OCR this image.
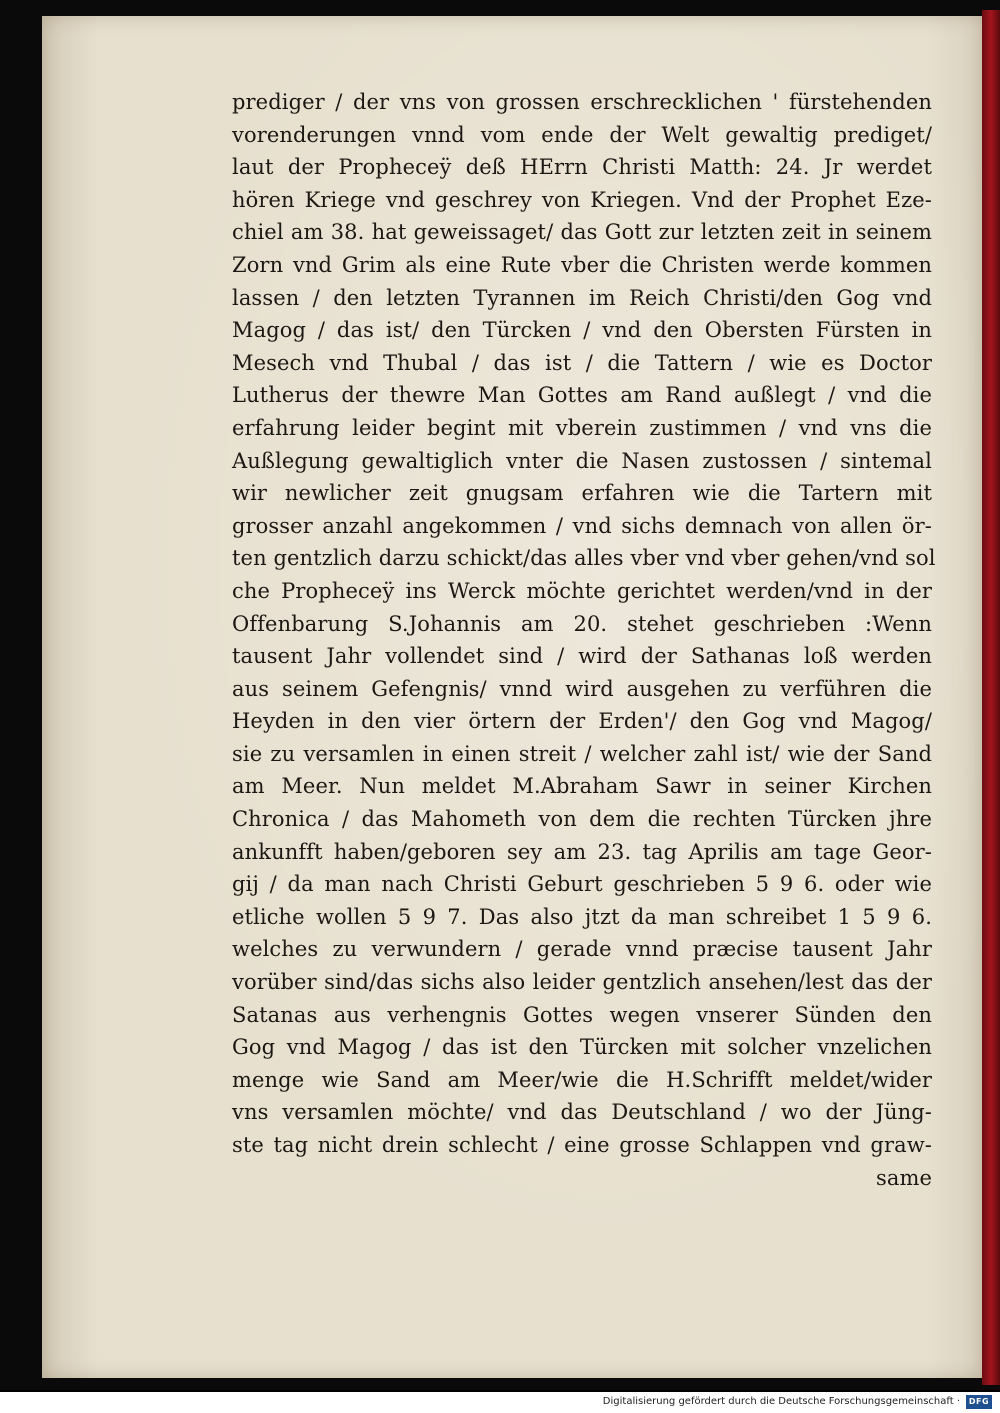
prediger / der vns von grossen erschrecklichen ' fürstehenden
vorenderungen vnnd vom ende der Welt gewaltig prediget/
laut der Propheceÿ deß HErrn Christi Matth: 24. Jr werdet
hören Kriege vnd geschrey von Kriegen. Vnd der Prophet Eze-
chiel am 38. hat geweissaget/ das Gott zur letzten zeit in seinem
Zorn vnd Grim als eine Rute vber die Christen werde kommen
lassen / den letzten Tyrannen im Reich Christi/den Gog vnd
Magog / das ist/ den Türcken / vnd den Obersten Fürsten in
Mesech vnd Thubal / das ist / die Tattern / wie es Doctor
Lutherus der thewre Man Gottes am Rand außlegt / vnd die
erfahrung leider begint mit vberein zustimmen / vnd vns die
Außlegung gewaltiglich vnter die Nasen zustossen / sintemal
wir newlicher zeit gnugsam erfahren wie die Tartern mit
grosser anzahl angekommen / vnd sichs demnach von allen ör-
ten gentzlich darzu schickt/das alles vber vnd vber gehen/vnd sol
che Propheceÿ ins Werck möchte gerichtet werden/vnd in der
Offenbarung S.Johannis am 20. stehet geschrieben :Wenn
tausent Jahr vollendet sind / wird der Sathanas loß werden
aus seinem Gefengnis/ vnnd wird ausgehen zu verführen die
Heyden in den vier örtern der Erden'/ den Gog vnd Magog/
sie zu versamlen in einen streit / welcher zahl ist/ wie der Sand
am Meer. Nun meldet M.Abraham Sawr in seiner Kirchen
Chronica / das Mahometh von dem die rechten Türcken jhre
ankunfft haben/geboren sey am 23. tag Aprilis am tage Geor-
gij / da man nach Christi Geburt geschrieben 5 9 6. oder wie
etliche wollen 5 9 7. Das also jtzt da man schreibet 1 5 9 6.
welches zu verwundern / gerade vnnd præcise tausent Jahr
vorüber sind/das sichs also leider gentzlich ansehen/lest das der
Satanas aus verhengnis Gottes wegen vnserer Sünden den
Gog vnd Magog / das ist den Türcken mit solcher vnzelichen
menge wie Sand am Meer/wie die H.Schrifft meldet/wider
vns versamlen möchte/ vnd das Deutschland / wo der Jüng-
ste tag nicht drein schlecht / eine grosse Schlappen vnd graw-
same
Digitalisierung gefördert durch die Deutsche Forschungsgemeinschaft ·	DFG
